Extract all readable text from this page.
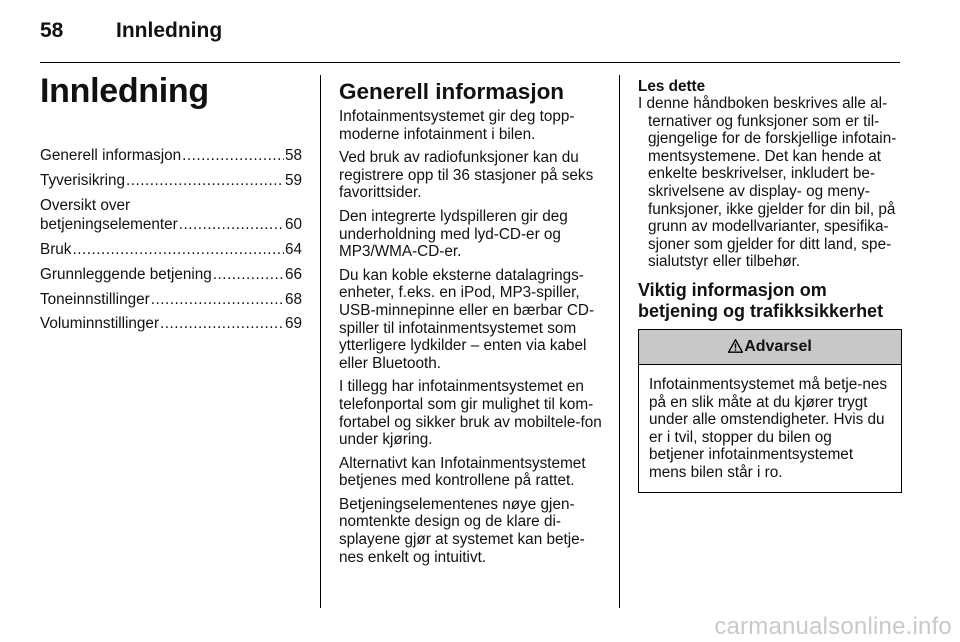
58	Innledning
Innledning
Generell informasjon .....	58
Tyverisikring .....	59
Oversikt over
betjeningselementer .....	60
Bruk .....	64
Grunnleggende betjening .....	66
Toneinnstillinger .....	68
Voluminnstillinger .....	69
Generell informasjon

Infotainmentsystemet gir deg topp-moderne infotainment i bilen.

Ved bruk av radiofunksjoner kan du registrere opp til 36 stasjoner på seks favorittsider.

Den integrerte lydspilleren gir deg underholdning med lyd-CD-er og MP3/WMA-CD-er.

Du kan koble eksterne datalagrings-enheter, f.eks. en iPod, MP3-spiller, USB-minnepinne eller en bærbar CD-spiller til infotainmentsystemet som ytterligere lydkilder – enten via kabel eller Bluetooth.

I tillegg har infotainmentsystemet en telefonportal som gir mulighet til kom-fortabel og sikker bruk av mobiltele-fon under kjøring.

Alternativt kan Infotainmentsystemet betjenes med kontrollene på rattet.

Betjeningselementenes nøye gjen-nomtenkte design og de klare di-splayene gjør at systemet kan betje-nes enkelt og intuitivt.

Les dette
I denne håndboken beskrives alle al-ternativer og funksjoner som er til-gjengelige for de forskjellige infotain-mentsystemene. Det kan hende at enkelte beskrivelser, inkludert be-skrivelsene av display- og meny-funksjoner, ikke gjelder for din bil, på grunn av modellvarianter, spesifika-sjoner som gjelder for ditt land, spe-sialutstyr eller tilbehør.
Viktig informasjon om betjening og trafikksikkerhet
Advarsel
Infotainmentsystemet må betje-nes på en slik måte at du kjører trygt under alle omstendigheter. Hvis du er i tvil, stopper du bilen og betjener infotainmentsystemet mens bilen står i ro.
carmanualsonline.info
